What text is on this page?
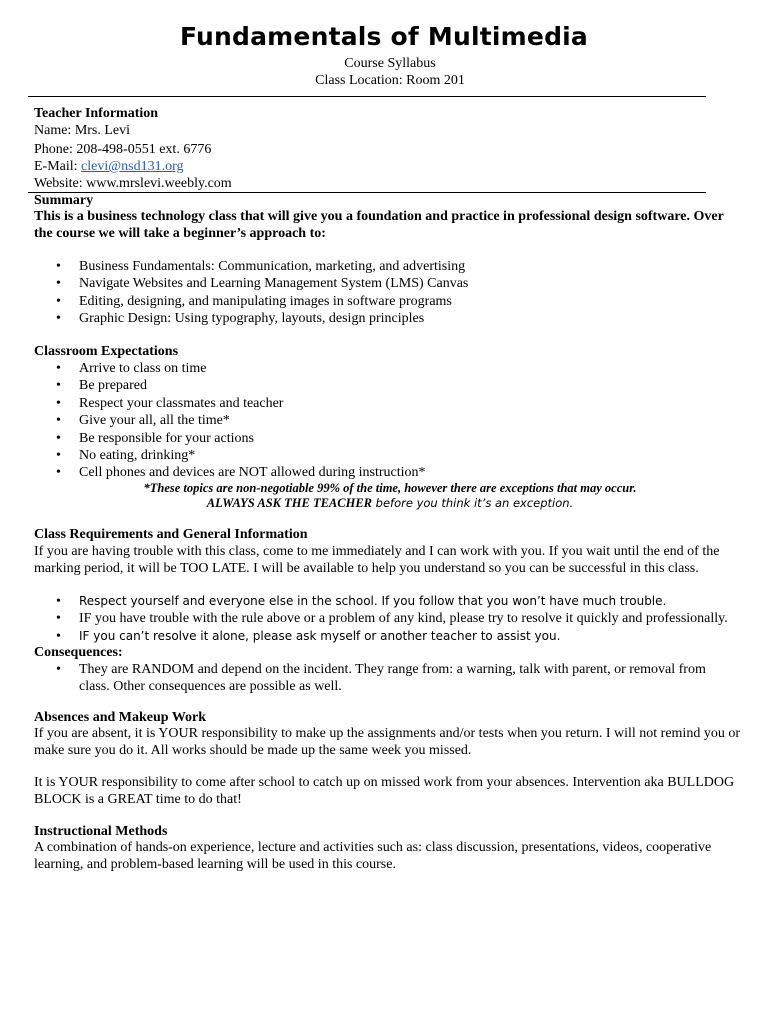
Fundamentals of Multimedia

Course Syllabus

Class Location: Room 201

Teacher Information

Name: Mrs. Levi

Phone: 208-498-0551 ext. 6776

E-Mail: clevi@nsd131.org

Website: www.mrslevi.weebly.com

Summary

This is a business technology class that will give you a foundation and practice in professional design software. Over the course we will take a beginner’s approach to:

• Business Fundamentals: Communication, marketing, and advertising
• Navigate Websites and Learning Management System (LMS) Canvas
• Editing, designing, and manipulating images in software programs
• Graphic Design: Using typography, layouts, design principles

Classroom Expectations

• Arrive to class on time
• Be prepared
• Respect your classmates and teacher
• Give your all, all the time*
• Be responsible for your actions
• No eating, drinking*
• Cell phones and devices are NOT allowed during instruction*

*These topics are non-negotiable 99% of the time, however there are exceptions that may occur.

ALWAYS ASK THE TEACHER before you think it’s an exception.

Class Requirements and General Information

If you are having trouble with this class, come to me immediately and I can work with you. If you wait until the end of the marking period, it will be TOO LATE. I will be available to help you understand so you can be successful in this class.

• Respect yourself and everyone else in the school. If you follow that you won’t have much trouble.
• IF you have trouble with the rule above or a problem of any kind, please try to resolve it quickly and professionally.
• IF you can’t resolve it alone, please ask myself or another teacher to assist you.

Consequences:

• They are RANDOM and depend on the incident. They range from: a warning, talk with parent, or removal from class. Other consequences are possible as well.

Absences and Makeup Work

If you are absent, it is YOUR responsibility to make up the assignments and/or tests when you return. I will not remind you or make sure you do it. All works should be made up the same week you missed.

It is YOUR responsibility to come after school to catch up on missed work from your absences. Intervention aka BULLDOG BLOCK is a GREAT time to do that!

Instructional Methods

A combination of hands-on experience, lecture and activities such as: class discussion, presentations, videos, cooperative learning, and problem-based learning will be used in this course.
